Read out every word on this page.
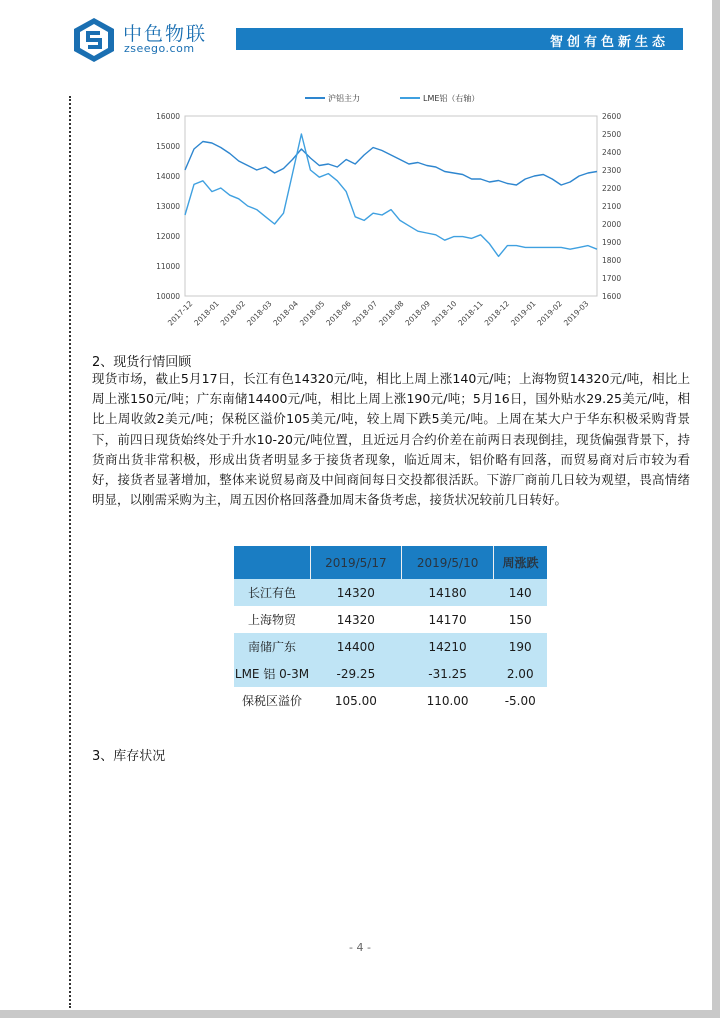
中色物联
zseego.com	智创有色新生态
10000
11000
12000
13000
14000
15000
16000
1600
1700
1800
1900
2000
2100
2200
2300
2400
2500
2600
2017-12
2018-01
2018-02
2018-03
2018-04
2018-05
2018-06
2018-07
2018-08
2018-09
2018-10
2018-11
2018-12
2019-01
2019-02
2019-03
沪铝主力	LME铝（右轴）
2、现货行情回顾
现货市场，截止5月17日，长江有色14320元/吨，相比上周上涨140元/吨；上海物贸14320元/吨，相比上周上涨150元/吨；广东南储14400元/吨，相比上周上涨190元/吨；5月16日，国外贴水29.25美元/吨，相比上周收敛2美元/吨；保税区溢价105美元/吨，较上周下跌5美元/吨。上周在某大户于华东积极采购背景下，前四日现货始终处于升水10-20元/吨位置，且近远月合约价差在前两日表现倒挂，现货偏强背景下，持货商出货非常积极，形成出货者明显多于接货者现象，临近周末，铝价略有回落，而贸易商对后市较为看好，接货者显著增加，整体来说贸易商及中间商间每日交投都很活跃。下游厂商前几日较为观望，畏高情绪明显，以刚需采购为主，周五因价格回落叠加周末备货考虑，接货状况较前几日转好。
	2019/5/17	2019/5/10	周涨跌
长江有色	14320	14180	140
上海物贸	14320	14170	150
南储广东	14400	14210	190
LME 铝 0-3M	-29.25	-31.25	2.00
保税区溢价	105.00	110.00	-5.00
3、库存状况
- 4 -
